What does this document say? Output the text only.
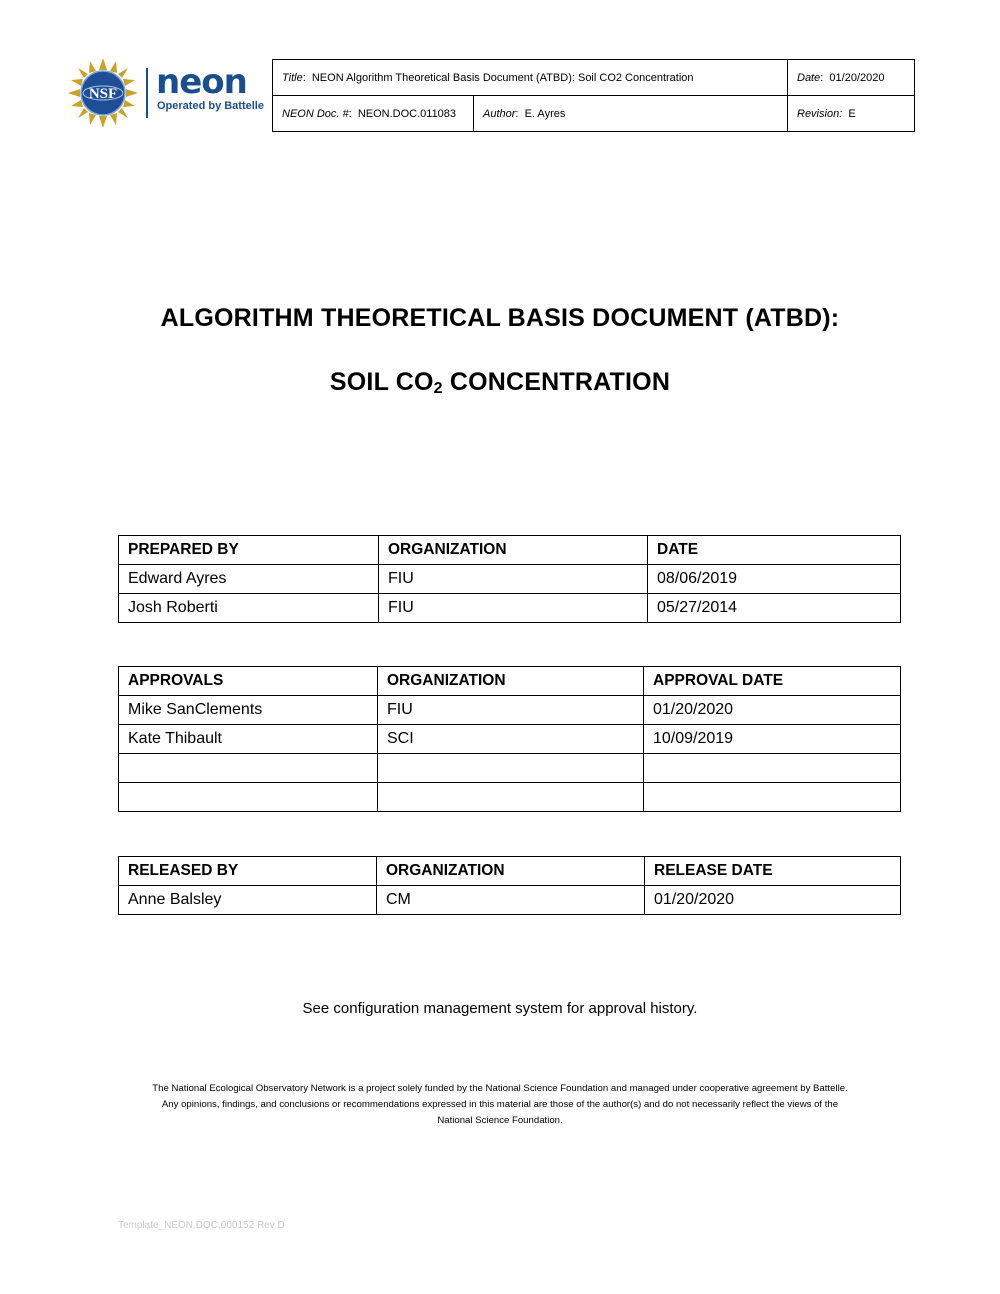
NSF neon
Operated by Battelle
Title:  NEON Algorithm Theoretical Basis Document (ATBD): Soil CO2 Concentration		Date:  01/20/2020
NEON Doc. #:  NEON.DOC.011083	Author:  E. Ayres	Revision: E
ALGORITHM THEORETICAL BASIS DOCUMENT (ATBD):
SOIL $CO_2$ CONCENTRATION
PREPARED BY	ORGANIZATION	DATE
Edward Ayres	FIU	08/06/2019
Josh Roberti	FIU	05/27/2014
APPROVALS	ORGANIZATION	APPROVAL DATE
Mike SanClements	FIU	01/20/2020
Kate Thibault	SCI	10/09/2019

RELEASED BY	ORGANIZATION	RELEASE DATE
Anne Balsley	CM	01/20/2020
See configuration management system for approval history.
The National Ecological Observatory Network is a project solely funded by the National Science Foundation and managed under cooperative agreement by Battelle.
Any opinions, findings, and conclusions or recommendations expressed in this material are those of the author(s) and do not necessarily reflect the views of the
National Science Foundation.
Template_NEON.DOC.000152 Rev D
